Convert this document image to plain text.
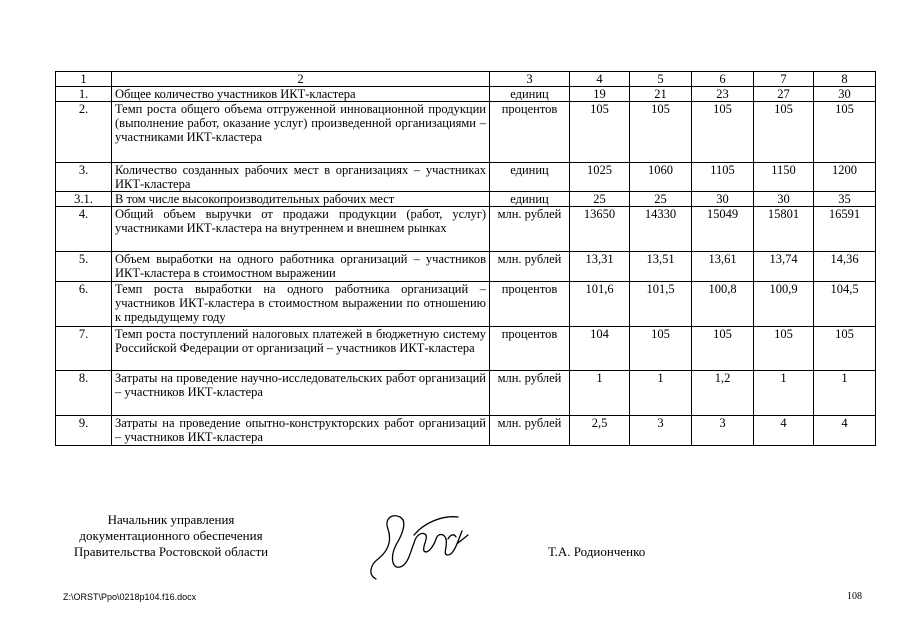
1	2	3	4	5	6	7	8
1.	Общее количество участников ИКТ-кластера	единиц	19	21	23	27	30
2.	Темп роста общего объема отгруженной инновационной продукции (выполнение работ, оказание услуг) произведенной организациями – участниками ИКТ-кластера	процентов	105	105	105	105	105
3.	Количество созданных рабочих мест в организациях – участниках ИКТ-кластера	единиц	1025	1060	1105	1150	1200
3.1.	В том числе высокопроизводительных рабочих мест	единиц	25	25	30	30	35
4.	Общий объем выручки от продажи продукции (работ, услуг) участниками ИКТ-кластера на внутреннем и внешнем рынках	млн. рублей	13650	14330	15049	15801	16591
5.	Объем выработки на одного работника организаций – участников ИКТ-кластера в стоимостном выражении	млн. рублей	13,31	13,51	13,61	13,74	14,36
6.	Темп роста выработки на одного работника организаций – участников ИКТ-кластера в стоимостном выражении по отношению к предыдущему году	процентов	101,6	101,5	100,8	100,9	104,5
7.	Темп роста поступлений налоговых платежей в бюджетную систему Российской Федерации от организаций – участников ИКТ-кластера	процентов	104	105	105	105	105
8.	Затраты на проведение научно-исследовательских работ организаций – участников ИКТ-кластера	млн. рублей	1	1	1,2	1	1
9.	Затраты на проведение опытно-конструкторских работ организаций – участников ИКТ-кластера	млн. рублей	2,5	3	3	4	4
Начальник управления
документационного обеспечения
Правительства Ростовской области	Т.А. Родионченко
Z:\ORST\Ppo\0218p104.f16.docx	108
